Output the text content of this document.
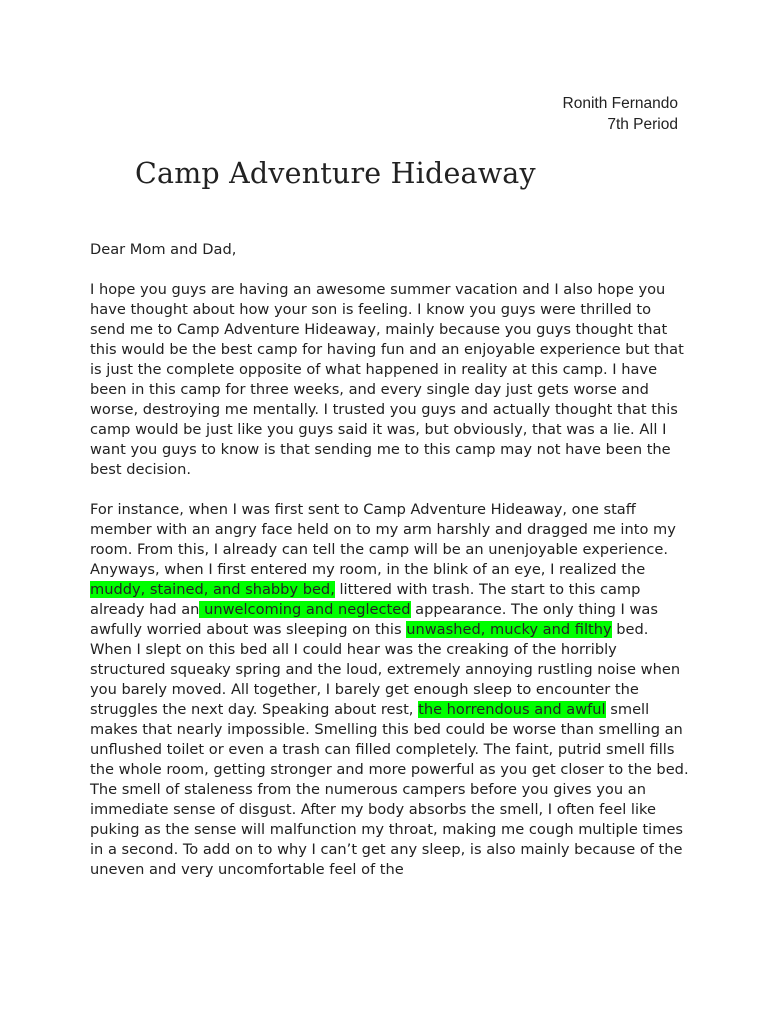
Ronith Fernando
7th Period
Camp Adventure Hideaway

Dear Mom and Dad,

I hope you guys are having an awesome summer vacation and I also hope you have thought about how your son is feeling. I know you guys were thrilled to send me to Camp Adventure Hideaway, mainly because you guys thought that this would be the best camp for having fun and an enjoyable experience but that is just the complete opposite of what happened in reality at this camp. I have been in this camp for three weeks, and every single day just gets worse and worse, destroying me mentally. I trusted you guys and actually thought that this camp would be just like you guys said it was, but obviously, that was a lie. All I want you guys to know is that sending me to this camp may not have been the best decision.

For instance, when I was first sent to Camp Adventure Hideaway, one staff member with an angry face held on to my arm harshly and dragged me into my room. From this, I already can tell the camp will be an unenjoyable experience. Anyways, when I first entered my room, in the blink of an eye, I realized the muddy, stained, and shabby bed, littered with trash. The start to this camp already had an unwelcoming and neglected appearance. The only thing I was awfully worried about was sleeping on this unwashed, mucky and filthy bed. When I slept on this bed all I could hear was the creaking of the horribly structured squeaky spring and the loud, extremely annoying rustling noise when you barely moved. All together, I barely get enough sleep to encounter the struggles the next day. Speaking about rest, the horrendous and awful smell makes that nearly impossible. Smelling this bed could be worse than smelling an unflushed toilet or even a trash can filled completely. The faint, putrid smell fills the whole room, getting stronger and more powerful as you get closer to the bed. The smell of staleness from the numerous campers before you gives you an immediate sense of disgust. After my body absorbs the smell, I often feel like puking as the sense will malfunction my throat, making me cough multiple times in a second. To add on to why I can’t get any sleep, is also mainly because of the uneven and very uncomfortable feel of the
